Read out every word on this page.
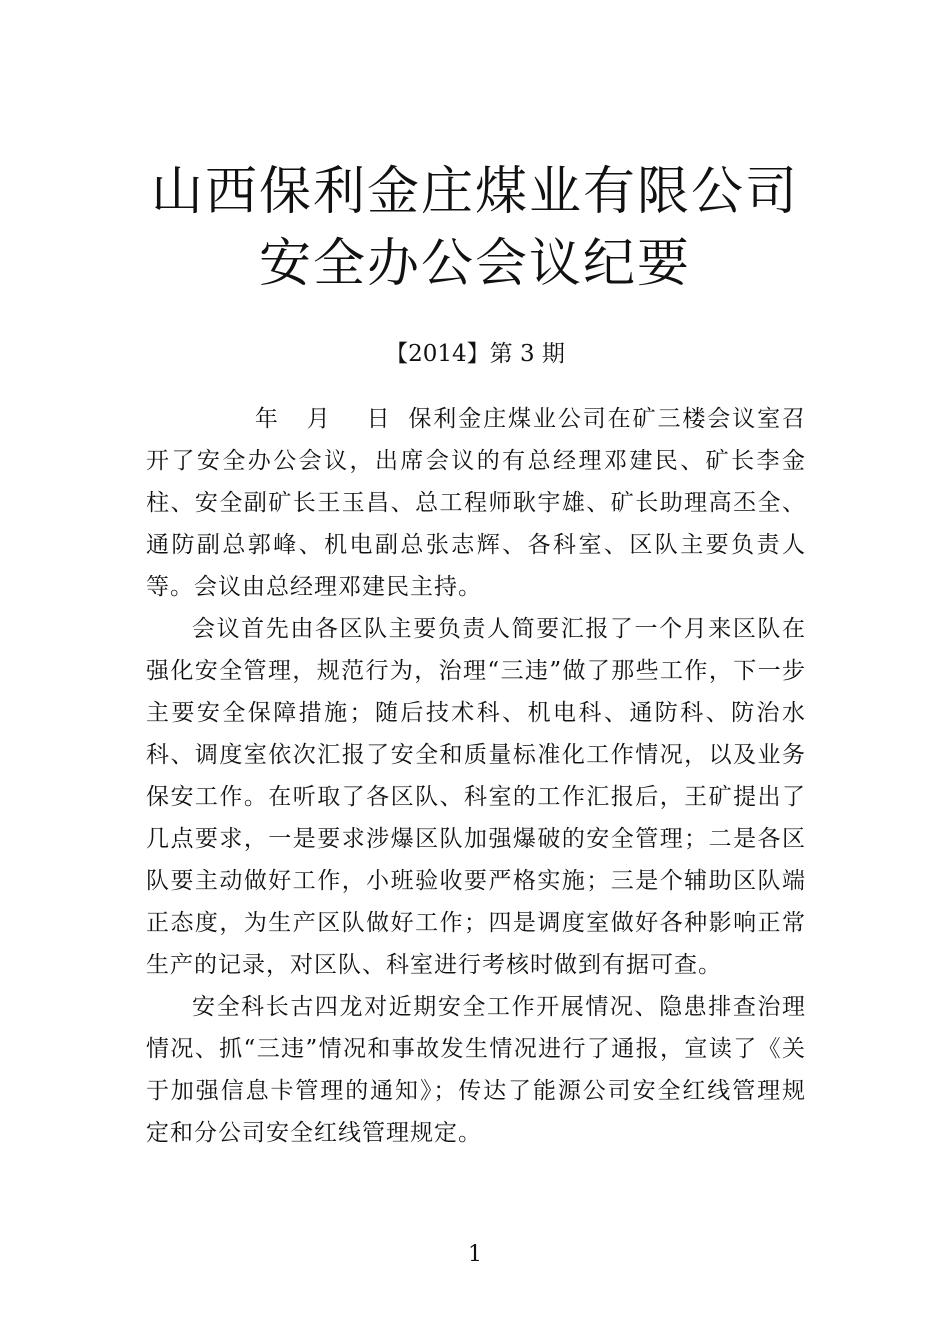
山西保利金庄煤业有限公司
安全办公会议纪要
【2014】第 3 期

年 月 日 保利金庄煤业公司在矿三楼会议室召开了安全办公会议，出席会议的有总经理邓建民、矿长李金柱、安全副矿长王玉昌、总工程师耿宇雄、矿长助理高丕全、通防副总郭峰、机电副总张志辉、各科室、区队主要负责人等。会议由总经理邓建民主持。

会议首先由各区队主要负责人简要汇报了一个月来区队在强化安全管理，规范行为，治理“三违”做了那些工作，下一步主要安全保障措施；随后技术科、机电科、通防科、防治水科、调度室依次汇报了安全和质量标准化工作情况，以及业务保安工作。在听取了各区队、科室的工作汇报后，王矿提出了几点要求，一是要求涉爆区队加强爆破的安全管理；二是各区队要主动做好工作，小班验收要严格实施；三是个辅助区队端正态度，为生产区队做好工作；四是调度室做好各种影响正常生产的记录，对区队、科室进行考核时做到有据可查。

安全科长古四龙对近期安全工作开展情况、隐患排查治理情况、抓“三违”情况和事故发生情况进行了通报，宣读了《关于加强信息卡管理的通知》；传达了能源公司安全红线管理规定和分公司安全红线管理规定。

1
